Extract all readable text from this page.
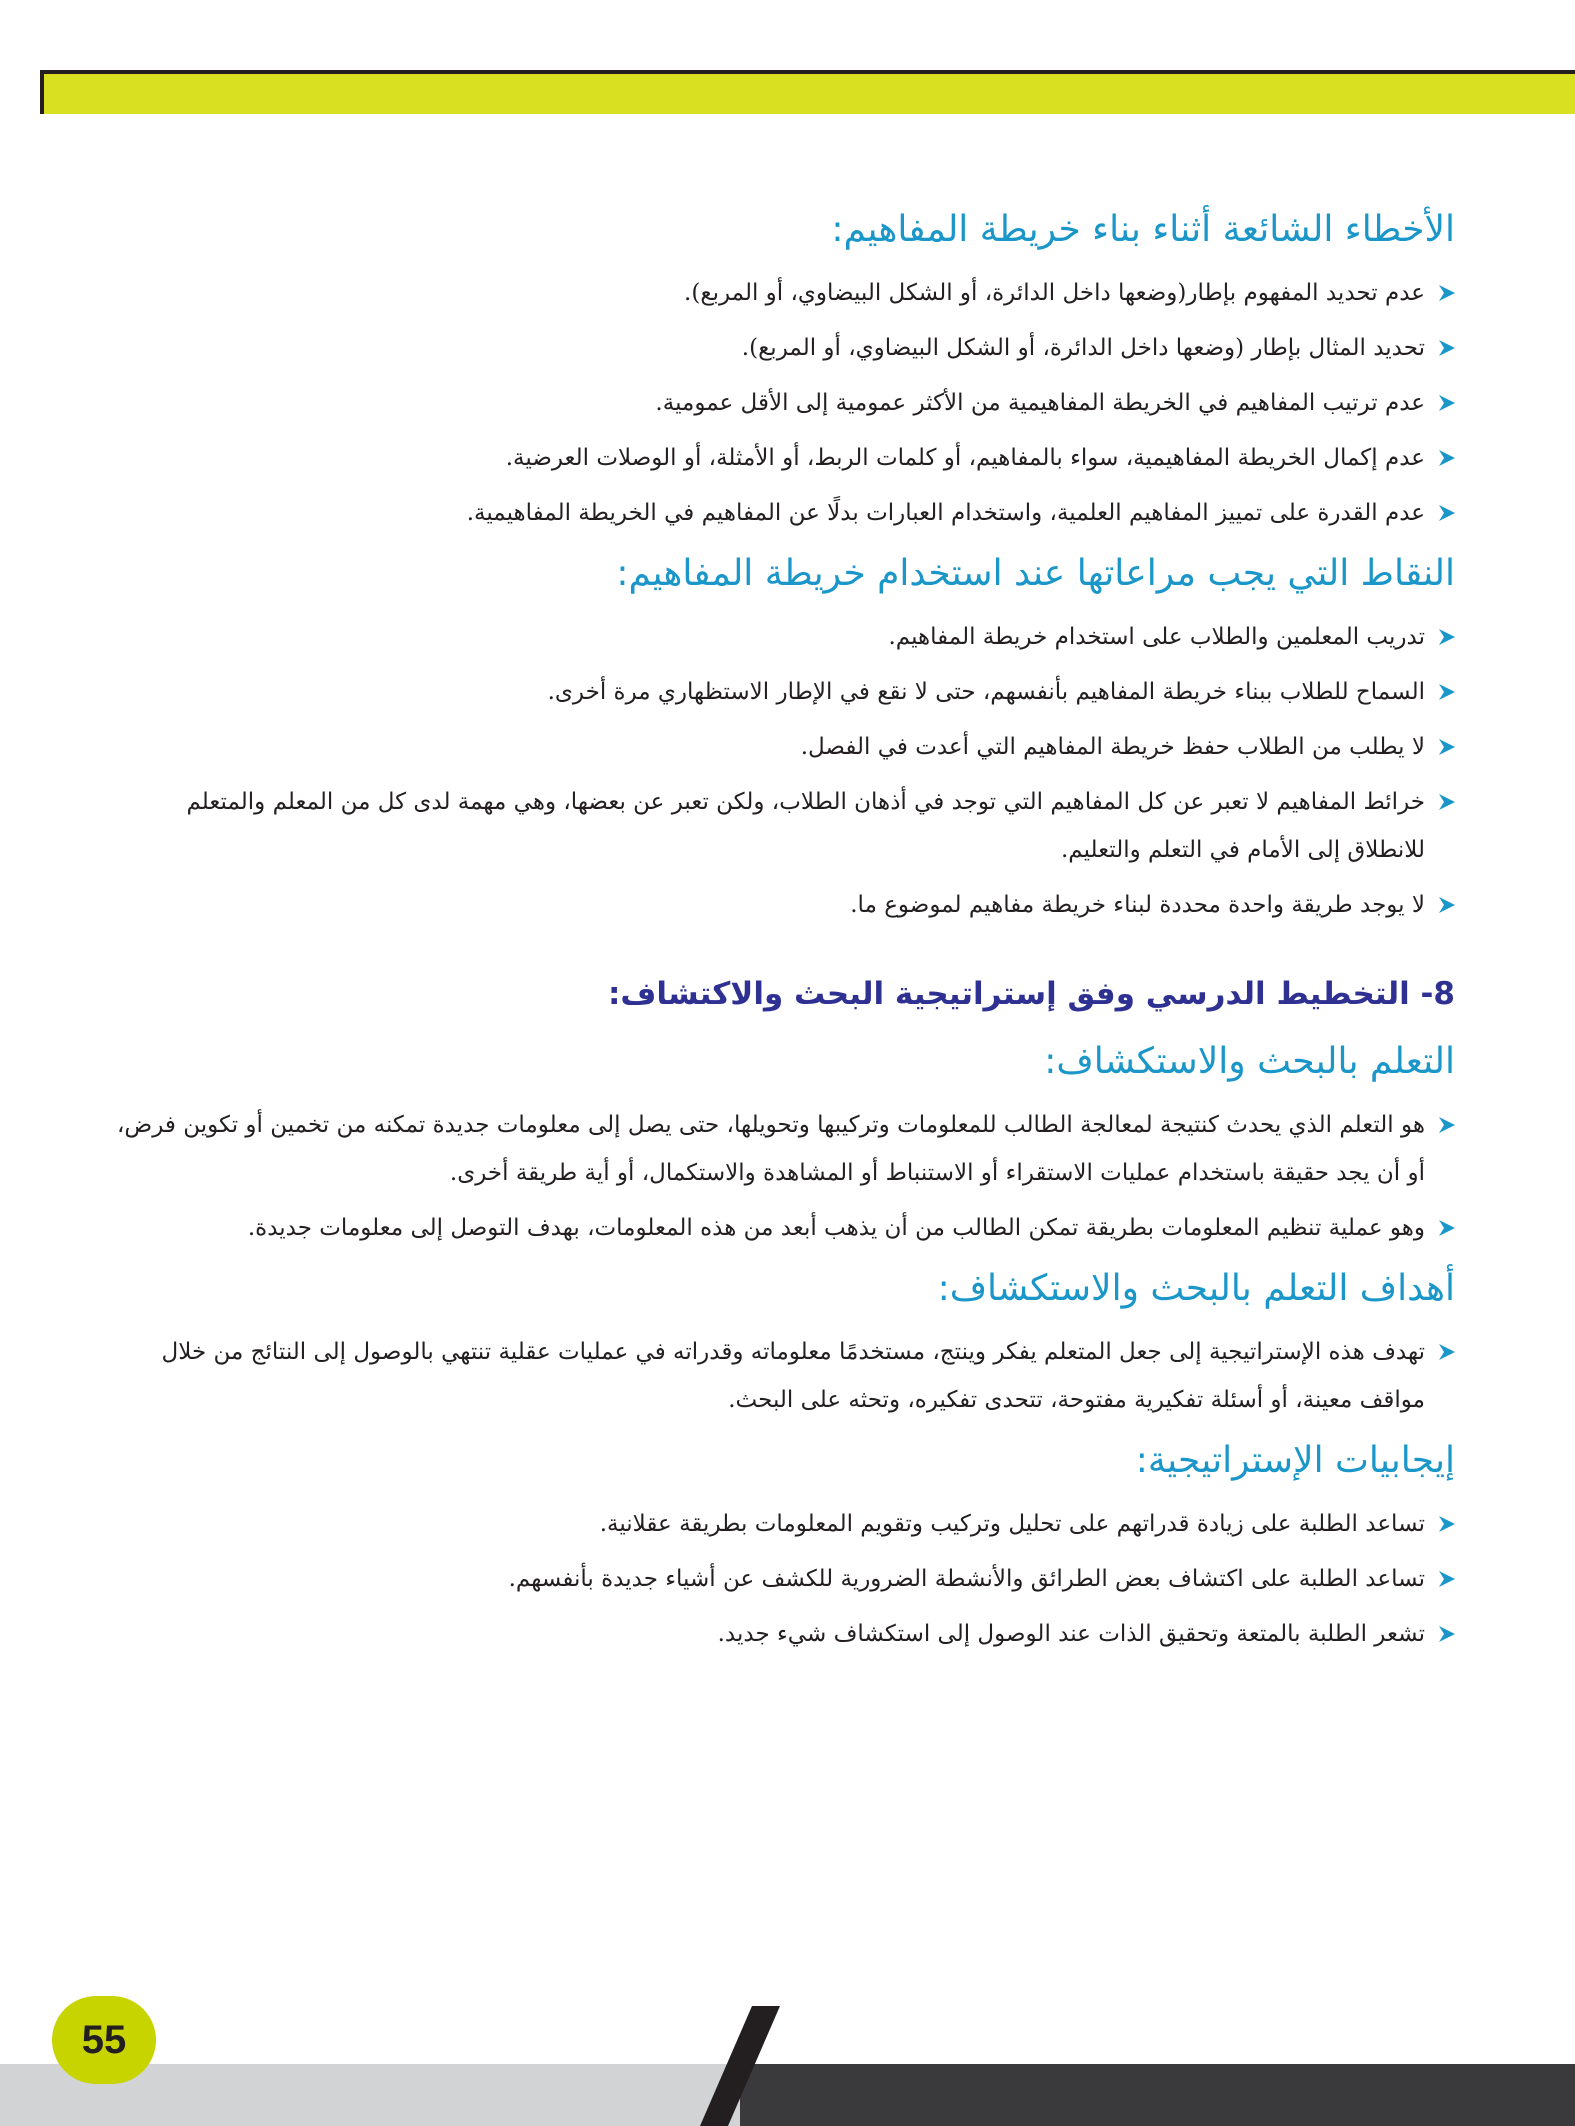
الأخطاء الشائعة أثناء بناء خريطة المفاهيم:
عدم تحديد المفهوم بإطار(وضعها داخل الدائرة، أو الشكل البيضاوي، أو المربع).
تحديد المثال بإطار (وضعها داخل الدائرة، أو الشكل البيضاوي، أو المربع).
عدم ترتيب المفاهيم في الخريطة المفاهيمية من الأكثر عمومية إلى الأقل عمومية.
عدم إكمال الخريطة المفاهيمية، سواء بالمفاهيم، أو كلمات الربط، أو الأمثلة، أو الوصلات العرضية.
عدم القدرة على تمييز المفاهيم العلمية، واستخدام العبارات بدلًا عن المفاهيم في الخريطة المفاهيمية.
النقاط التي يجب مراعاتها عند استخدام خريطة المفاهيم:
تدريب المعلمين والطلاب على استخدام خريطة المفاهيم.
السماح للطلاب ببناء خريطة المفاهيم بأنفسهم، حتى لا نقع في الإطار الاستظهاري مرة أخرى.
لا يطلب من الطلاب حفظ خريطة المفاهيم التي أعدت في الفصل.
خرائط المفاهيم لا تعبر عن كل المفاهيم التي توجد في أذهان الطلاب، ولكن تعبر عن بعضها، وهي مهمة لدى كل من المعلم والمتعلم للانطلاق إلى الأمام في التعلم والتعليم.
لا يوجد طريقة واحدة محددة لبناء خريطة مفاهيم لموضوع ما.
8- التخطيط الدرسي وفق إستراتيجية البحث والاكتشاف:
التعلم بالبحث والاستكشاف:
هو التعلم الذي يحدث كنتيجة لمعالجة الطالب للمعلومات وتركيبها وتحويلها، حتى يصل إلى معلومات جديدة تمكنه من تخمين أو تكوين فرض، أو أن يجد حقيقة باستخدام عمليات الاستقراء أو الاستنباط أو المشاهدة والاستكمال، أو أية طريقة أخرى.
وهو عملية تنظيم المعلومات بطريقة تمكن الطالب من أن يذهب أبعد من هذه المعلومات، بهدف التوصل إلى معلومات جديدة.
أهداف التعلم بالبحث والاستكشاف:
تهدف هذه الإستراتيجية إلى جعل المتعلم يفكر وينتج، مستخدمًا معلوماته وقدراته في عمليات عقلية تنتهي بالوصول إلى النتائج من خلال مواقف معينة، أو أسئلة تفكيرية مفتوحة، تتحدى تفكيره، وتحثه على البحث.
إيجابيات الإستراتيجية:
تساعد الطلبة على زيادة قدراتهم على تحليل وتركيب وتقويم المعلومات بطريقة عقلانية.
تساعد الطلبة على اكتشاف بعض الطرائق والأنشطة الضرورية للكشف عن أشياء جديدة بأنفسهم.
تشعر الطلبة بالمتعة وتحقيق الذات عند الوصول إلى استكشاف شيء جديد.
55
